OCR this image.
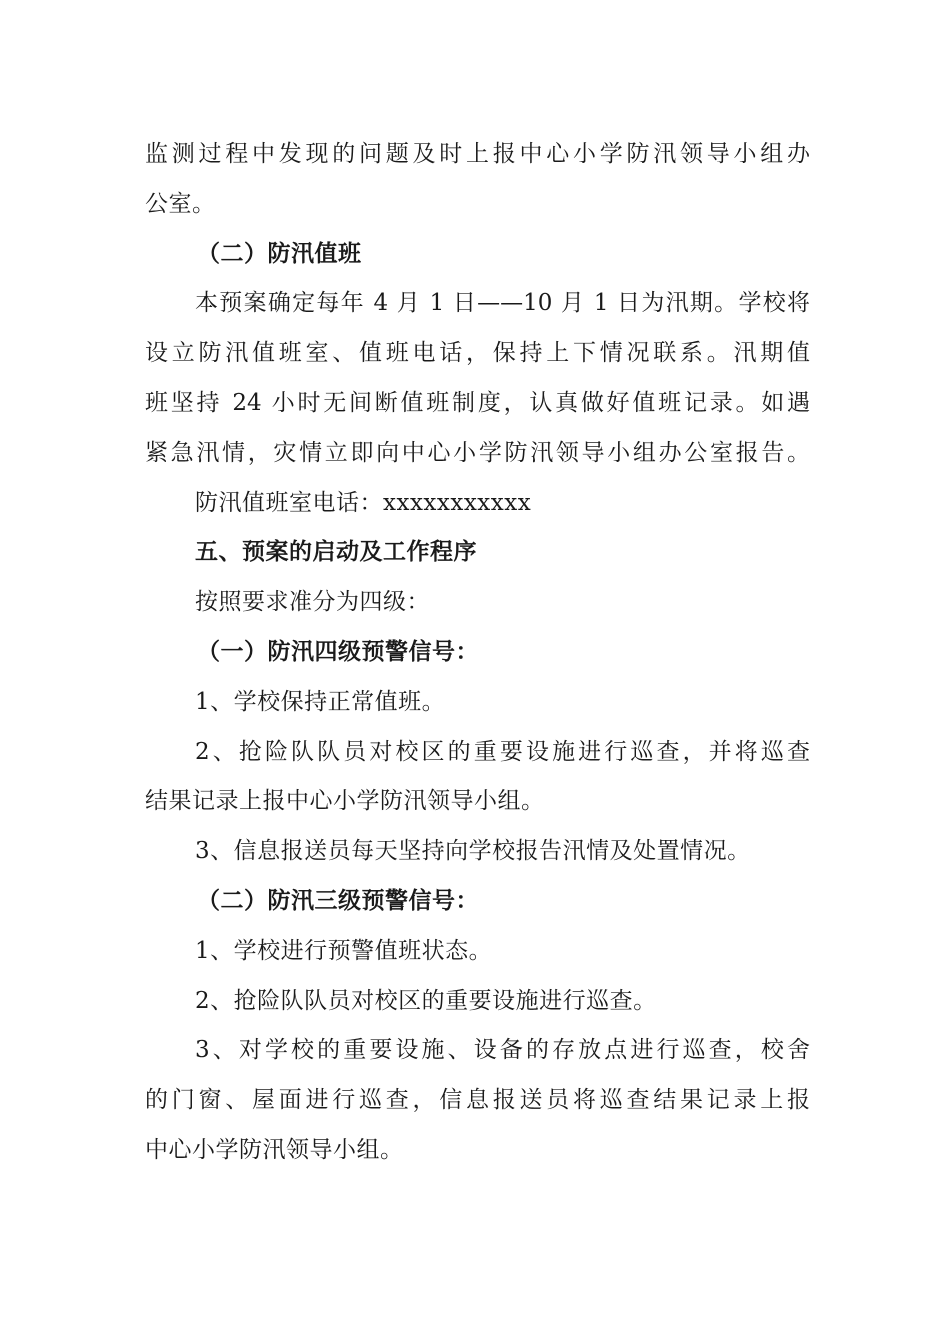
监测过程中发现的问题及时上报中心小学防汛领导小组办
公室。
（二）防汛值班
本预案确定每年 4 月 1 日——10 月 1 日为汛期。学校将
设立防汛值班室、值班电话，保持上下情况联系。汛期值
班坚持 24 小时无间断值班制度，认真做好值班记录。如遇
紧急汛情，灾情立即向中心小学防汛领导小组办公室报告。
防汛值班室电话：xxxxxxxxxxx
五、预案的启动及工作程序
按照要求准分为四级：
（一）防汛四级预警信号：
1、学校保持正常值班。
2、抢险队队员对校区的重要设施进行巡查，并将巡查
结果记录上报中心小学防汛领导小组。
3、信息报送员每天坚持向学校报告汛情及处置情况。
（二）防汛三级预警信号：
1、学校进行预警值班状态。
2、抢险队队员对校区的重要设施进行巡查。
3、对学校的重要设施、设备的存放点进行巡查，校舍
的门窗、屋面进行巡查，信息报送员将巡查结果记录上报
中心小学防汛领导小组。
